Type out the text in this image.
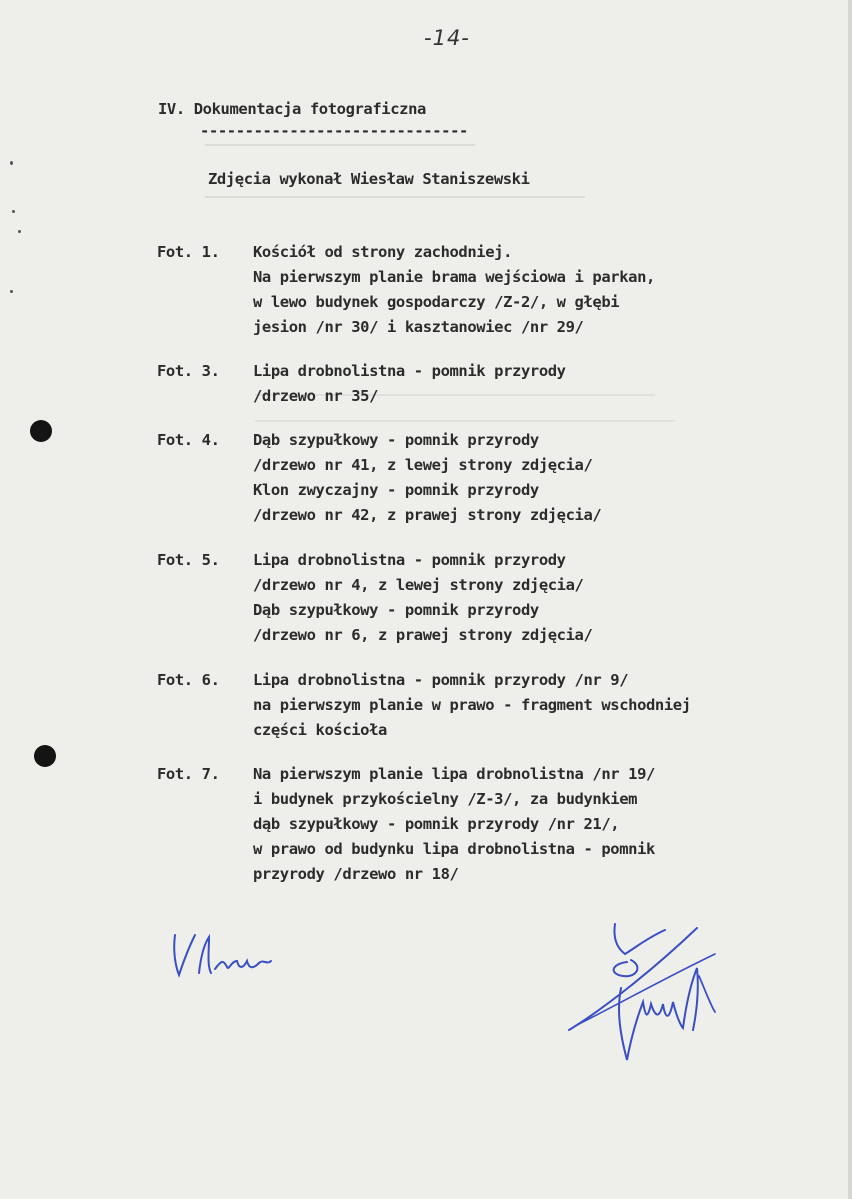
-14-
IV. Dokumentacja fotograficzna
------------------------------
Zdjęcia wykonał Wiesław Staniszewski
Fot. 1. Kościół od strony zachodniej.
Na pierwszym planie brama wejściowa i parkan,
w lewo budynek gospodarczy /Z-2/, w głębi
jesion /nr 30/ i kasztanowiec /nr 29/
Fot. 3. Lipa drobnolistna - pomnik przyrody
/drzewo nr 35/
Fot. 4. Dąb szypułkowy - pomnik przyrody
/drzewo nr 41, z lewej strony zdjęcia/
Klon zwyczajny - pomnik przyrody
/drzewo nr 42, z prawej strony zdjęcia/
Fot. 5. Lipa drobnolistna - pomnik przyrody
/drzewo nr 4, z lewej strony zdjęcia/
Dąb szypułkowy - pomnik przyrody
/drzewo nr 6, z prawej strony zdjęcia/
Fot. 6. Lipa drobnolistna - pomnik przyrody /nr 9/
na pierwszym planie w prawo - fragment wschodniej
części kościoła
Fot. 7. Na pierwszym planie lipa drobnolistna /nr 19/
i budynek przykościelny /Z-3/, za budynkiem
dąb szypułkowy - pomnik przyrody /nr 21/,
w prawo od budynku lipa drobnolistna - pomnik
przyrody /drzewo nr 18/
